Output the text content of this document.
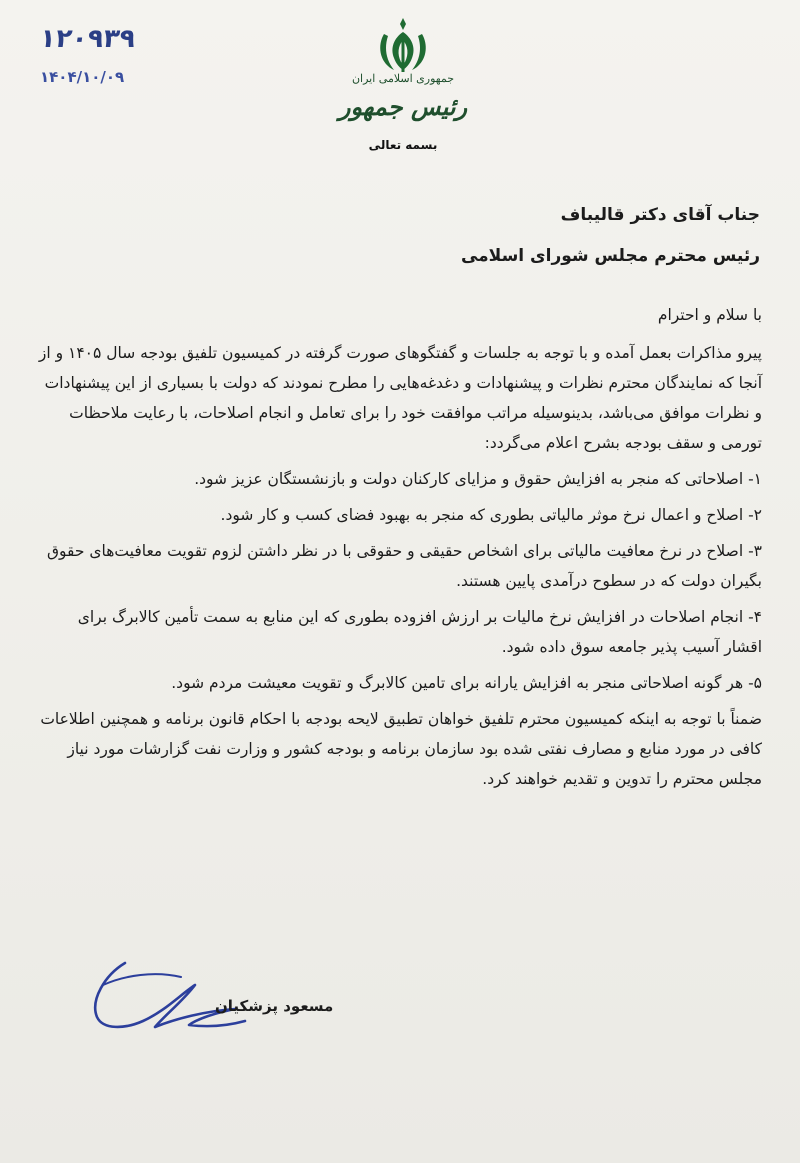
۱۲۰۹۳۹
۱۴۰۴/۱۰/۰۹	جمهوری اسلامی ایران
رئیس جمهور
بسمه تعالی
جناب آقای دکتر قالیباف
رئیس محترم مجلس شورای اسلامی

با سلام و احترام

پیرو مذاکرات بعمل آمده و با توجه به جلسات و گفتگوهای صورت گرفته در کمیسیون تلفیق بودجه سال ۱۴۰۵ و از آنجا که نمایندگان محترم نظرات و پیشنهادات و دغدغه‌هایی را مطرح نمودند که دولت با بسیاری از این پیشنهادات و نظرات موافق می‌باشد، بدینوسیله مراتب موافقت خود را برای تعامل و انجام اصلاحات، با رعایت ملاحظات تورمی و سقف بودجه بشرح اعلام می‌گردد:

۱- اصلاحاتی که منجر به افزایش حقوق و مزایای کارکنان دولت و بازنشستگان عزیز شود.

۲- اصلاح و اعمال نرخ موثر مالیاتی بطوری که منجر به بهبود فضای کسب و کار شود.

۳- اصلاح در نرخ معافیت مالیاتی برای اشخاص حقیقی و حقوقی با در نظر داشتن لزوم تقویت معافیت‌های حقوق بگیران دولت که در سطوح درآمدی پایین هستند.

۴- انجام اصلاحات در افزایش نرخ مالیات بر ارزش افزوده بطوری که این منابع به سمت تأمین کالابرگ برای اقشار آسیب پذیر جامعه سوق داده شود.

۵- هر گونه اصلاحاتی منجر به افزایش یارانه برای تامین کالابرگ و تقویت معیشت مردم شود.

ضمناً با توجه به اینکه کمیسیون محترم تلفیق خواهان تطبیق لایحه بودجه با احکام قانون برنامه و همچنین اطلاعات کافی در مورد منابع و مصارف نفتی شده بود سازمان برنامه و بودجه کشور و وزارت نفت گزارشات مورد نیاز مجلس محترم را تدوین و تقدیم خواهند کرد.

مسعود پزشکیان
